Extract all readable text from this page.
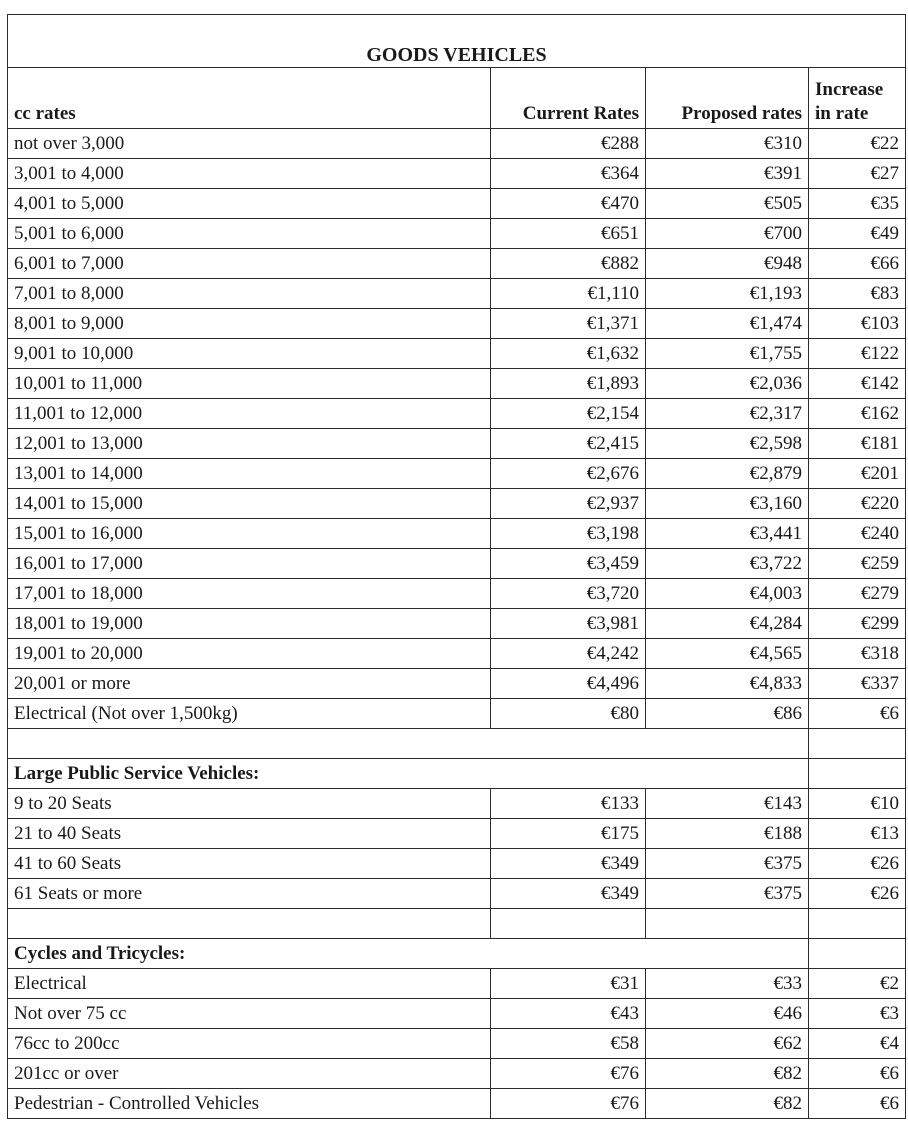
GOODS VEHICLES			
cc rates	Current Rates	Proposed rates	Increase
in rate
not over 3,000	€288	€310	€22
3,001 to 4,000	€364	€391	€27
4,001 to 5,000	€470	€505	€35
5,001 to 6,000	€651	€700	€49
6,001 to 7,000	€882	€948	€66
7,001 to 8,000	€1,110	€1,193	€83
8,001 to 9,000	€1,371	€1,474	€103
9,001 to 10,000	€1,632	€1,755	€122
10,001 to 11,000	€1,893	€2,036	€142
11,001 to 12,000	€2,154	€2,317	€162
12,001 to 13,000	€2,415	€2,598	€181
13,001 to 14,000	€2,676	€2,879	€201
14,001 to 15,000	€2,937	€3,160	€220
15,001 to 16,000	€3,198	€3,441	€240
16,001 to 17,000	€3,459	€3,722	€259
17,001 to 18,000	€3,720	€4,003	€279
18,001 to 19,000	€3,981	€4,284	€299
19,001 to 20,000	€4,242	€4,565	€318
20,001 or more	€4,496	€4,833	€337
Electrical (Not over 1,500kg)	€80	€86	€6

Large Public Service Vehicles:			
9 to 20 Seats	€133	€143	€10
21 to 40 Seats	€175	€188	€13
41 to 60 Seats	€349	€375	€26
61 Seats or more	€349	€375	€26

Cycles and Tricycles:			
Electrical	€31	€33	€2
Not over 75 cc	€43	€46	€3
76cc to 200cc	€58	€62	€4
201cc or over	€76	€82	€6
Pedestrian - Controlled Vehicles	€76	€82	€6
